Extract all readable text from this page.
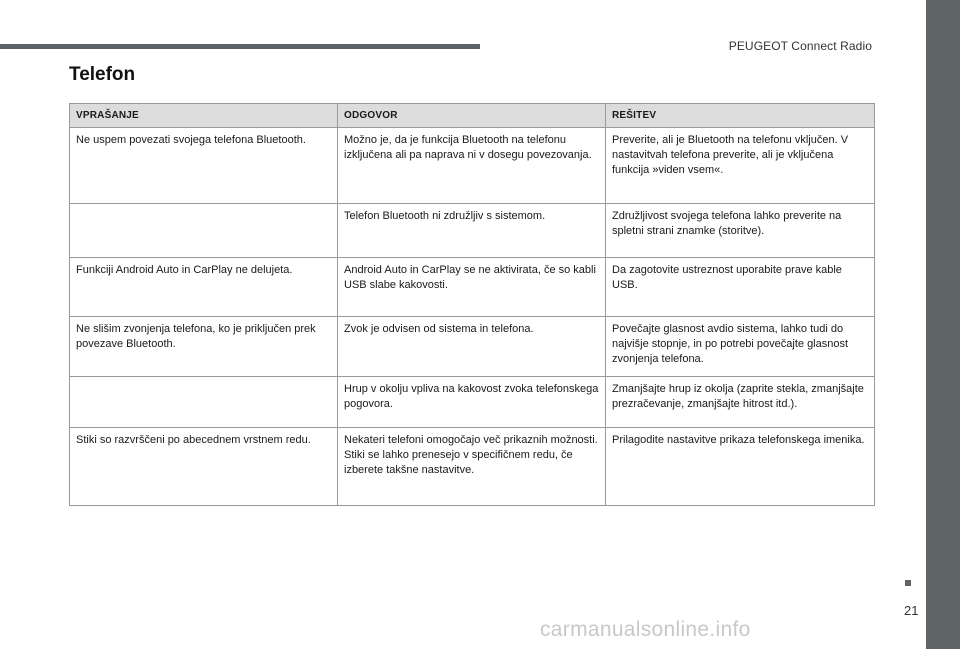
PEUGEOT Connect Radio
Telefon
VPRAŠANJE	ODGOVOR	REŠITEV
Ne uspem povezati svojega telefona Bluetooth.	Možno je, da je funkcija Bluetooth na telefonu izključena ali pa naprava ni v dosegu povezovanja.	Preverite, ali je Bluetooth na telefonu vključen. V nastavitvah telefona preverite, ali je vključena funkcija »viden vsem«.
	Telefon Bluetooth ni združljiv s sistemom.	Združljivost svojega telefona lahko preverite na spletni strani znamke (storitve).
Funkciji Android Auto in CarPlay ne delujeta.	Android Auto in CarPlay se ne aktivirata, če so kabli USB slabe kakovosti.	Da zagotovite ustreznost uporabite prave kable USB.
Ne slišim zvonjenja telefona, ko je priključen prek povezave Bluetooth.	Zvok je odvisen od sistema in telefona.	Povečajte glasnost avdio sistema, lahko tudi do najvišje stopnje, in po potrebi povečajte glasnost zvonjenja telefona.
	Hrup v okolju vpliva na kakovost zvoka telefonskega pogovora.	Zmanjšajte hrup iz okolja (zaprite stekla, zmanjšajte prezračevanje, zmanjšajte hitrost itd.).
Stiki so razvrščeni po abecednem vrstnem redu.	Nekateri telefoni omogočajo več prikaznih možnosti. Stiki se lahko prenesejo v specifičnem redu, če izberete takšne nastavitve.	Prilagodite nastavitve prikaza telefonskega imenika.
21
carmanualsonline.info
